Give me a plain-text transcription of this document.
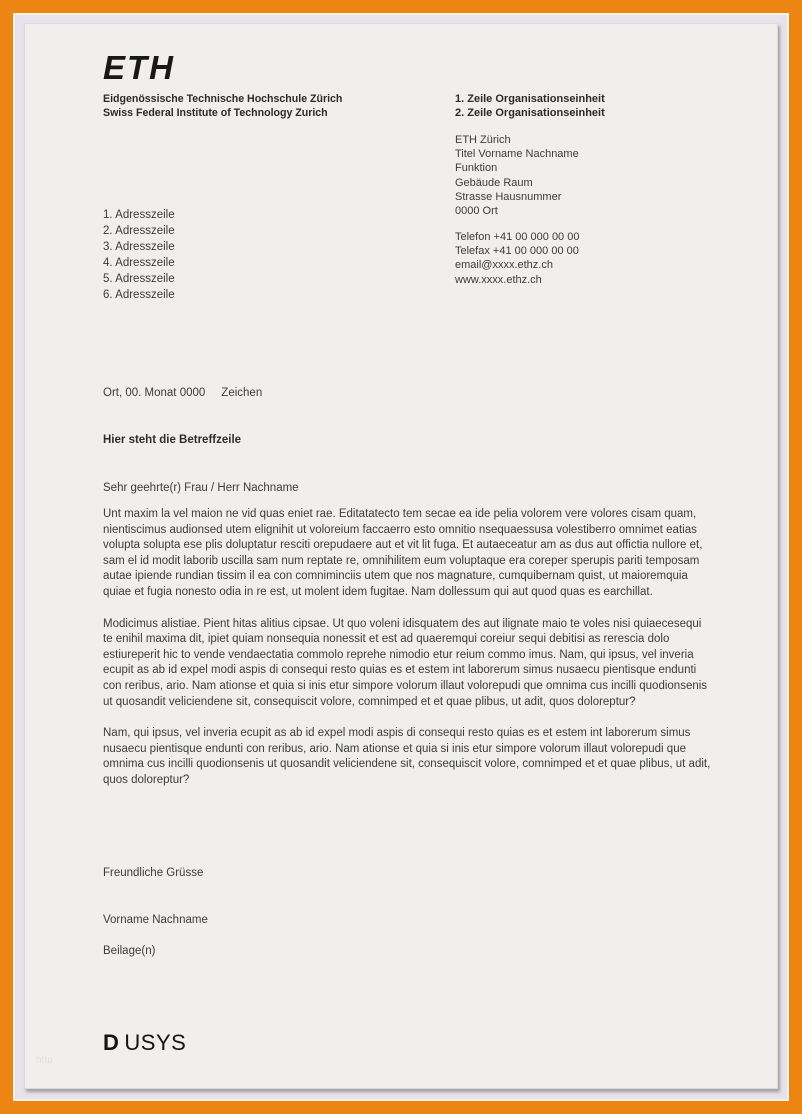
ETH
Eidgenössische Technische Hochschule Zürich
Swiss Federal Institute of Technology Zurich
1. Zeile Organisationseinheit
2. Zeile Organisationseinheit
ETH Zürich
Titel Vorname Nachname
Funktion
Gebäude Raum
Strasse Hausnummer
0000 Ort
Telefon +41 00 000 00 00
Telefax +41 00 000 00 00
email@xxxx.ethz.ch
www.xxxx.ethz.ch
1. Adresszeile
2. Adresszeile
3. Adresszeile
4. Adresszeile
5. Adresszeile
6. Adresszeile
Ort, 00. Monat 0000 Zeichen
Hier steht die Betreffzeile
Sehr geehrte(r) Frau / Herr Nachname

Unt maxim la vel maion ne vid quas eniet rae. Editatatecto tem secae ea ide pelia volorem vere volores cisam quam, nientiscimus audionsed utem elignihit ut voloreium faccaerro esto omnitio nsequaessusa volestiberro omnimet eatias volupta solupta ese plis doluptatur resciti orepudaere aut et vit lit fuga. Et autaeceatur am as dus aut offictia nullore et, sam el id modit laborib uscilla sam num reptate re, omnihilitem eum voluptaque era coreper sperupis pariti temposam autae ipiende rundian tissim il ea con comniminciis utem que nos magnature, cumquibernam quist, ut maioremquia quiae et fugia nonesto odia in re est, ut molent idem fugitae. Nam dollessum qui aut quod quas es earchillat.

Modicimus alistiae. Pient hitas alitius cipsae. Ut quo voleni idisquatem des aut ilignate maio te voles nisi quiaecesequi te enihil maxima dit, ipiet quiam nonsequia nonessit et est ad quaeremqui coreiur sequi debitisi as rerescia dolo estiureperit hic to vende vendaectatia commolo reprehe nimodio etur reium commo imus. Nam, qui ipsus, vel inveria ecupit as ab id expel modi aspis di consequi resto quias es et estem int laborerum simus nusaecu pientisque endunti con reribus, ario. Nam ationse et quia si inis etur simpore volorum illaut volorepudi que omnima cus incilli quodionsenis ut quosandit veliciendene sit, consequiscit volore, comnimped et et quae plibus, ut adit, quos doloreptur?

Nam, qui ipsus, vel inveria ecupit as ab id expel modi aspis di consequi resto quias es et estem int laborerum simus nusaecu pientisque endunti con reribus, ario. Nam ationse et quia si inis etur simpore volorum illaut volorepudi que omnima cus incilli quodionsenis ut quosandit veliciendene sit, consequiscit volore, comnimped et et quae plibus, ut adit, quos doloreptur?

Freundliche Grüsse
Vorname Nachname
Beilage(n)
D USYS
http
